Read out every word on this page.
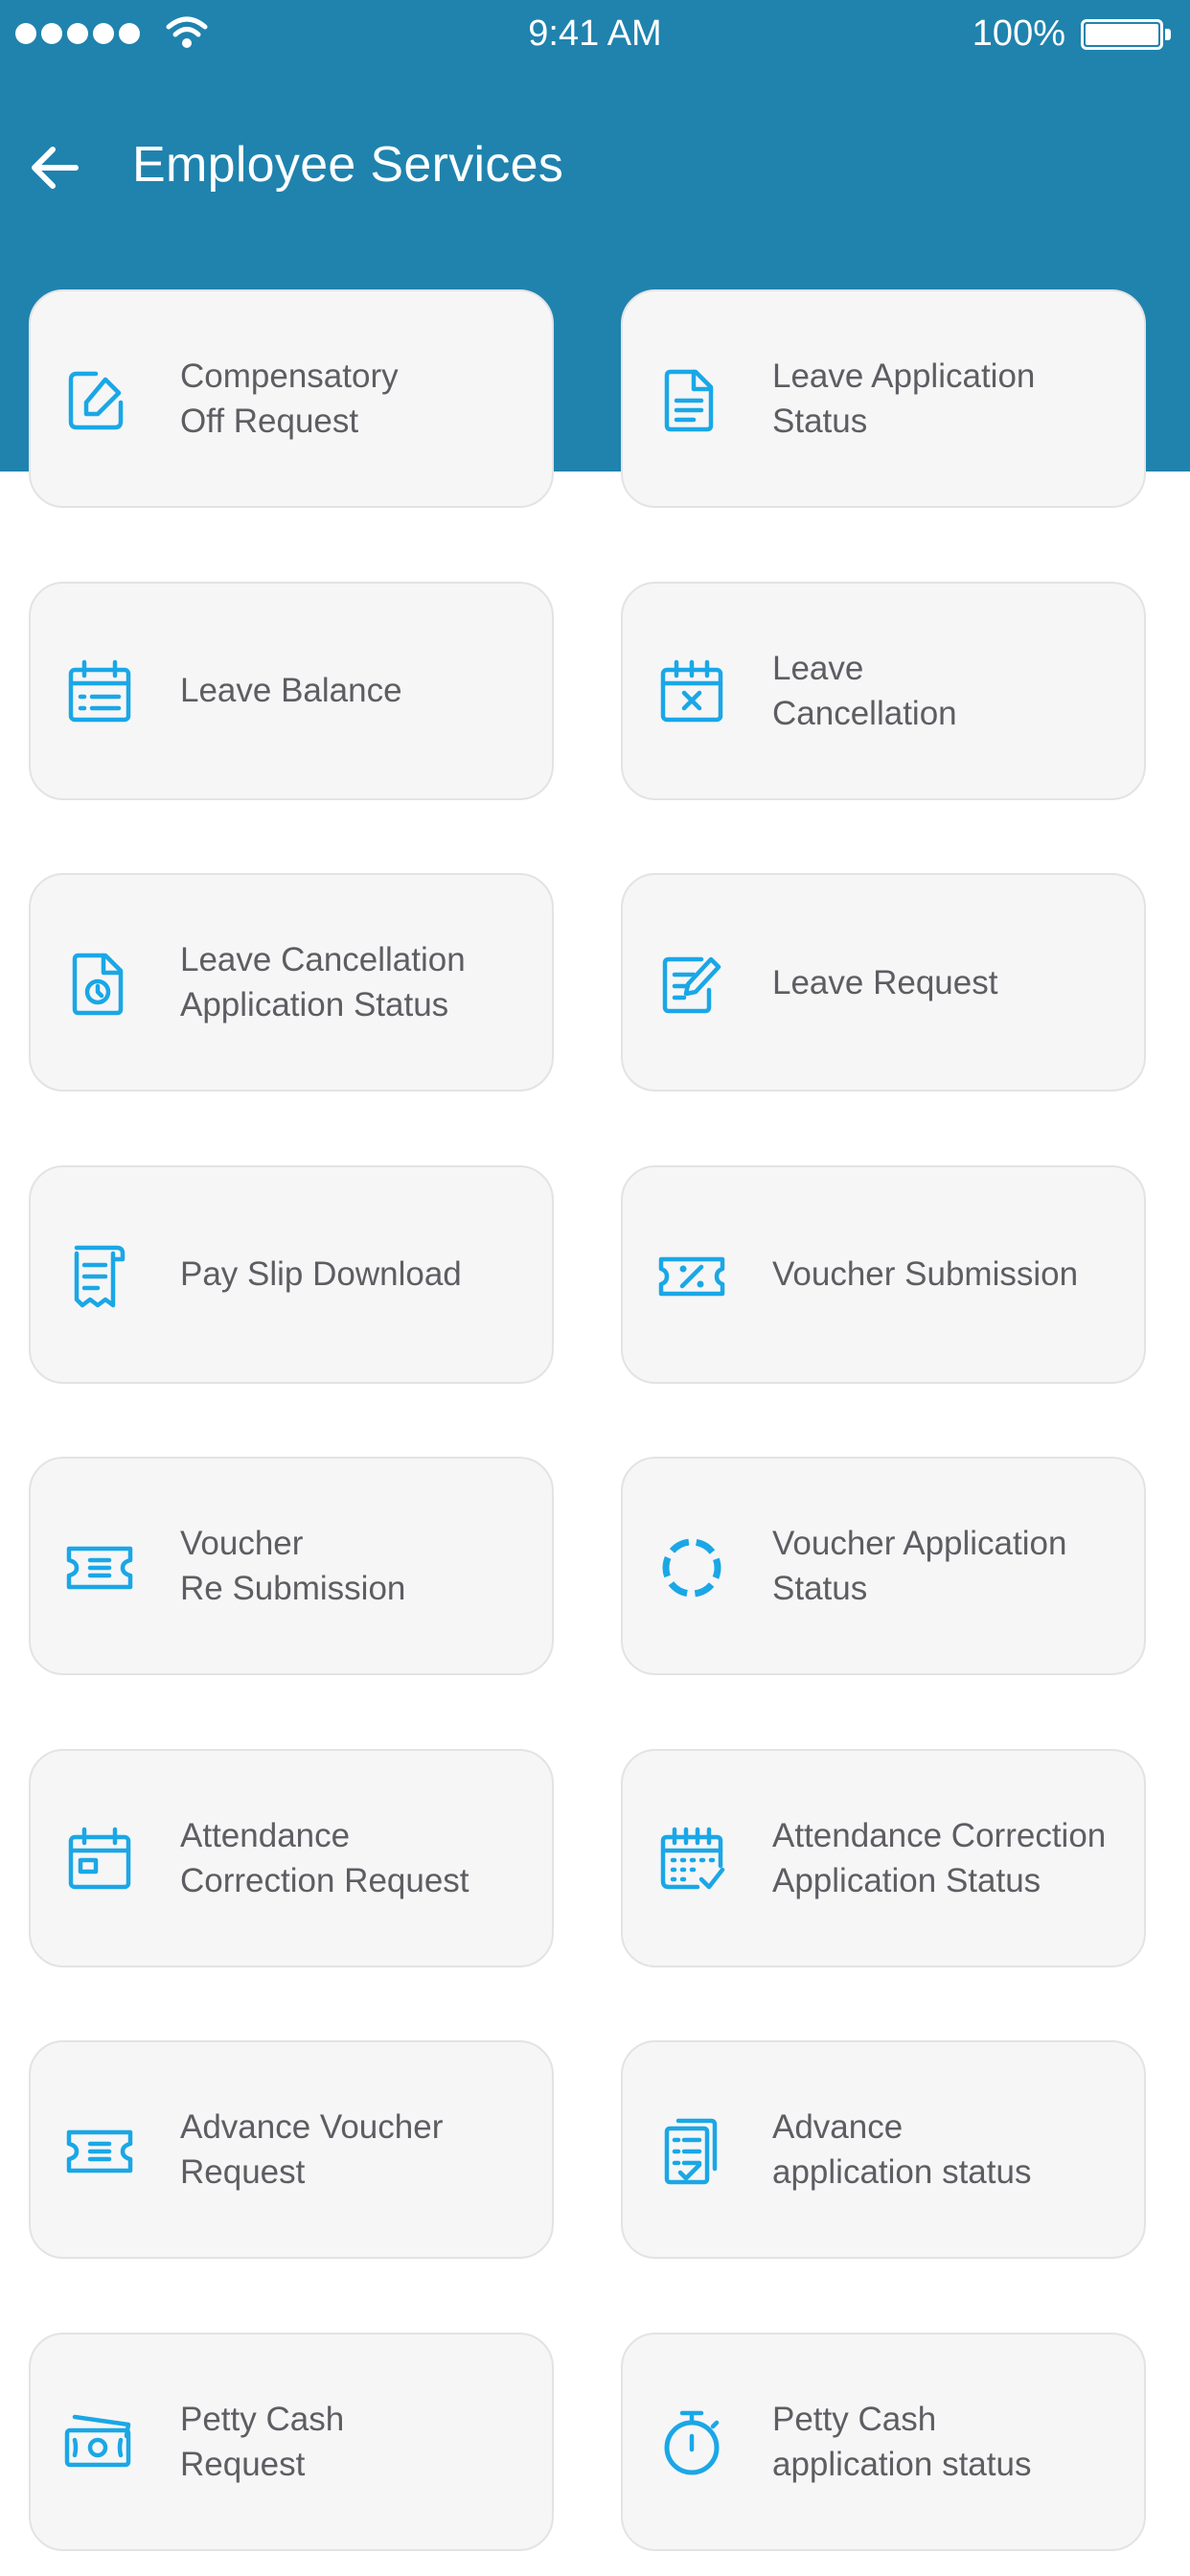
9:41 AM	100%
Employee Services
Compensatory
Off Request
Leave Application
Status
Leave Balance
Leave
Cancellation
Leave Cancellation
Application Status
Leave Request
Pay Slip Download	Voucher Submission
Voucher
Re Submission
Voucher Application
Status
Attendance
Correction Request
Attendance Correction
Application Status
Advance Voucher
Request
Advance
application status
Petty Cash
Request
Petty Cash
application status
